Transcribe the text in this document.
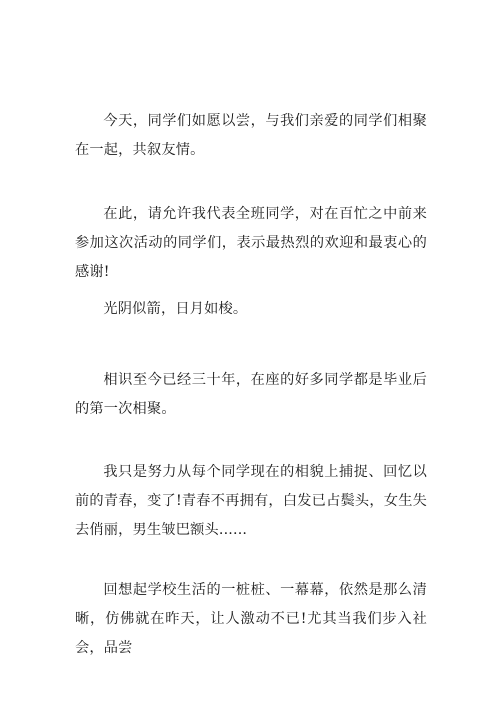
今天，同学们如愿以尝，与我们亲爱的同学们相聚在一起，共叙友情。

在此，请允许我代表全班同学，对在百忙之中前来参加这次活动的同学们，表示最热烈的欢迎和最衷心的感谢!

光阴似箭，日月如梭。

相识至今已经三十年，在座的好多同学都是毕业后的第一次相聚。

我只是努力从每个同学现在的相貌上捕捉、回忆以前的青春，变了!青春不再拥有，白发已占鬓头，女生失去俏丽，男生皱巴额头......

回想起学校生活的一桩桩、一幕幕，依然是那么清晰，仿佛就在昨天，让人激动不已!尤其当我们步入社会，品尝
